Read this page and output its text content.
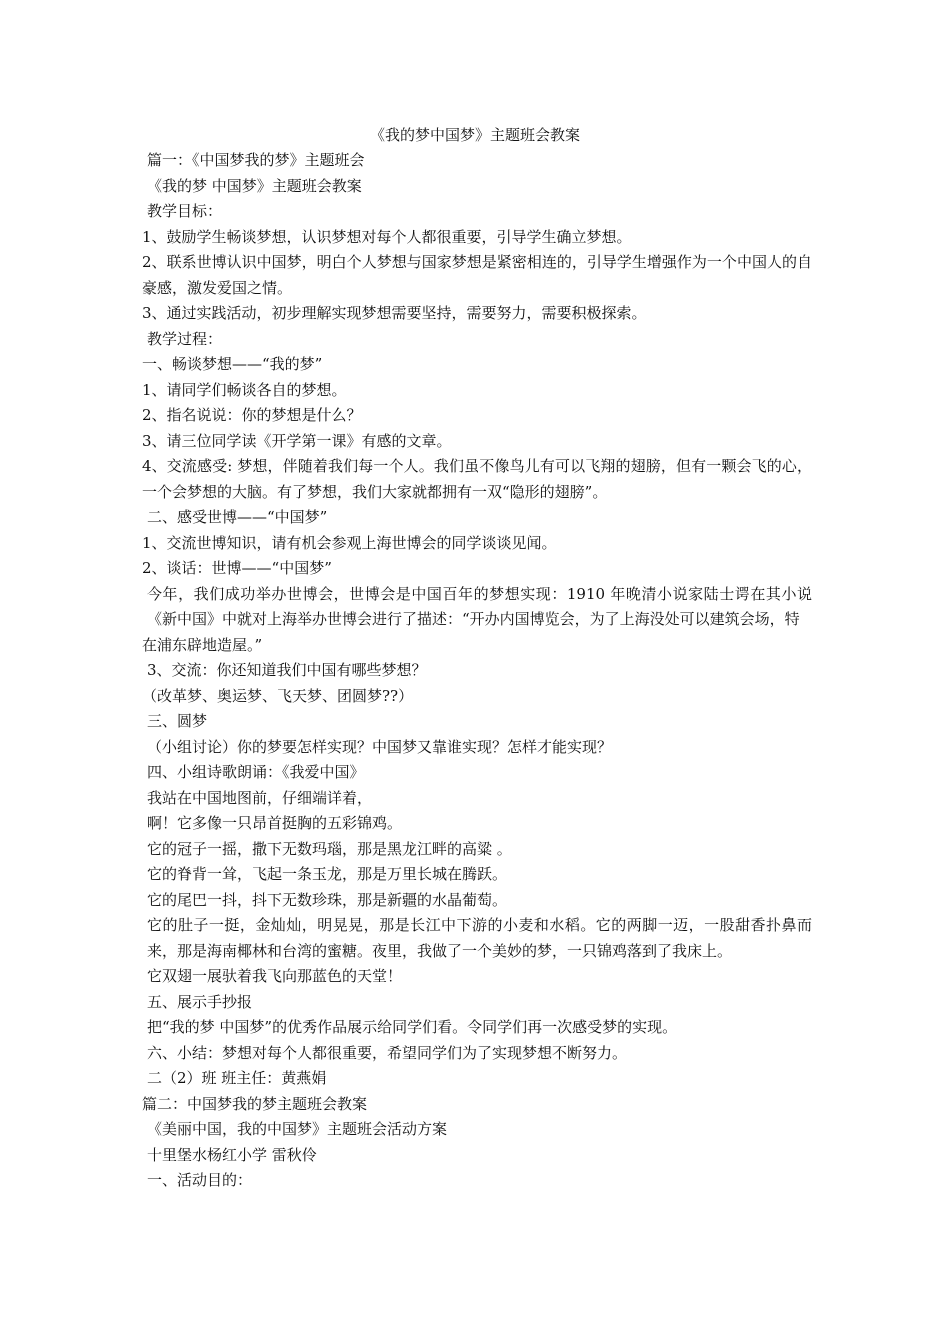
《我的梦中国梦》主题班会教案

篇一：《中国梦我的梦》主题班会

《我的梦 中国梦》主题班会教案

教学目标：

1、鼓励学生畅谈梦想，认识梦想对每个人都很重要，引导学生确立梦想。

2、联系世博认识中国梦，明白个人梦想与国家梦想是紧密相连的，引导学生增强作为一个中国人的自豪感，激发爱国之情。

3、通过实践活动，初步理解实现梦想需要坚持，需要努力，需要积极探索。

教学过程：

一、畅谈梦想——“我的梦”

1、请同学们畅谈各自的梦想。

2、指名说说：你的梦想是什么？

3、请三位同学读《开学第一课》有感的文章。

4、交流感受: 梦想，伴随着我们每一个人。我们虽不像鸟儿有可以飞翔的翅膀，但有一颗会飞的心，一个会梦想的大脑。有了梦想，我们大家就都拥有一双“隐形的翅膀”。

二、感受世博——“中国梦”

1、交流世博知识，请有机会参观上海世博会的同学谈谈见闻。

2、谈话：世博——“中国梦”

今年，我们成功举办世博会，世博会是中国百年的梦想实现：1910 年晚清小说家陆士谔在其小说《新中国》中就对上海举办世博会进行了描述：“开办内国博览会，为了上海没处可以建筑会场，特

在浦东辟地造屋。”

3、交流：你还知道我们中国有哪些梦想？

（改革梦、奥运梦、飞天梦、团圆梦??）

三、圆梦

（小组讨论）你的梦要怎样实现？中国梦又靠谁实现？怎样才能实现？

四、小组诗歌朗诵：《我爱中国》

我站在中国地图前，仔细端详着，

啊！它多像一只昂首挺胸的五彩锦鸡。

它的冠子一摇，撒下无数玛瑙，那是黑龙江畔的高粱 。

它的脊背一耸，飞起一条玉龙，那是万里长城在腾跃。

它的尾巴一抖，抖下无数珍珠，那是新疆的水晶葡萄。

它的肚子一挺，金灿灿，明晃晃，那是长江中下游的小麦和水稻。它的两脚一迈，一股甜香扑鼻而来，那是海南椰林和台湾的蜜糖。夜里，我做了一个美妙的梦，一只锦鸡落到了我床上。

它双翅一展驮着我飞向那蓝色的天堂！

五、展示手抄报

把“我的梦 中国梦”的优秀作品展示给同学们看。令同学们再一次感受梦的实现。

六、小结：梦想对每个人都很重要，希望同学们为了实现梦想不断努力。

二（2）班 班主任：黄燕娟

篇二：中国梦我的梦主题班会教案

《美丽中国，我的中国梦》主题班会活动方案

十里堡水杨红小学 雷秋伶

一、活动目的：
